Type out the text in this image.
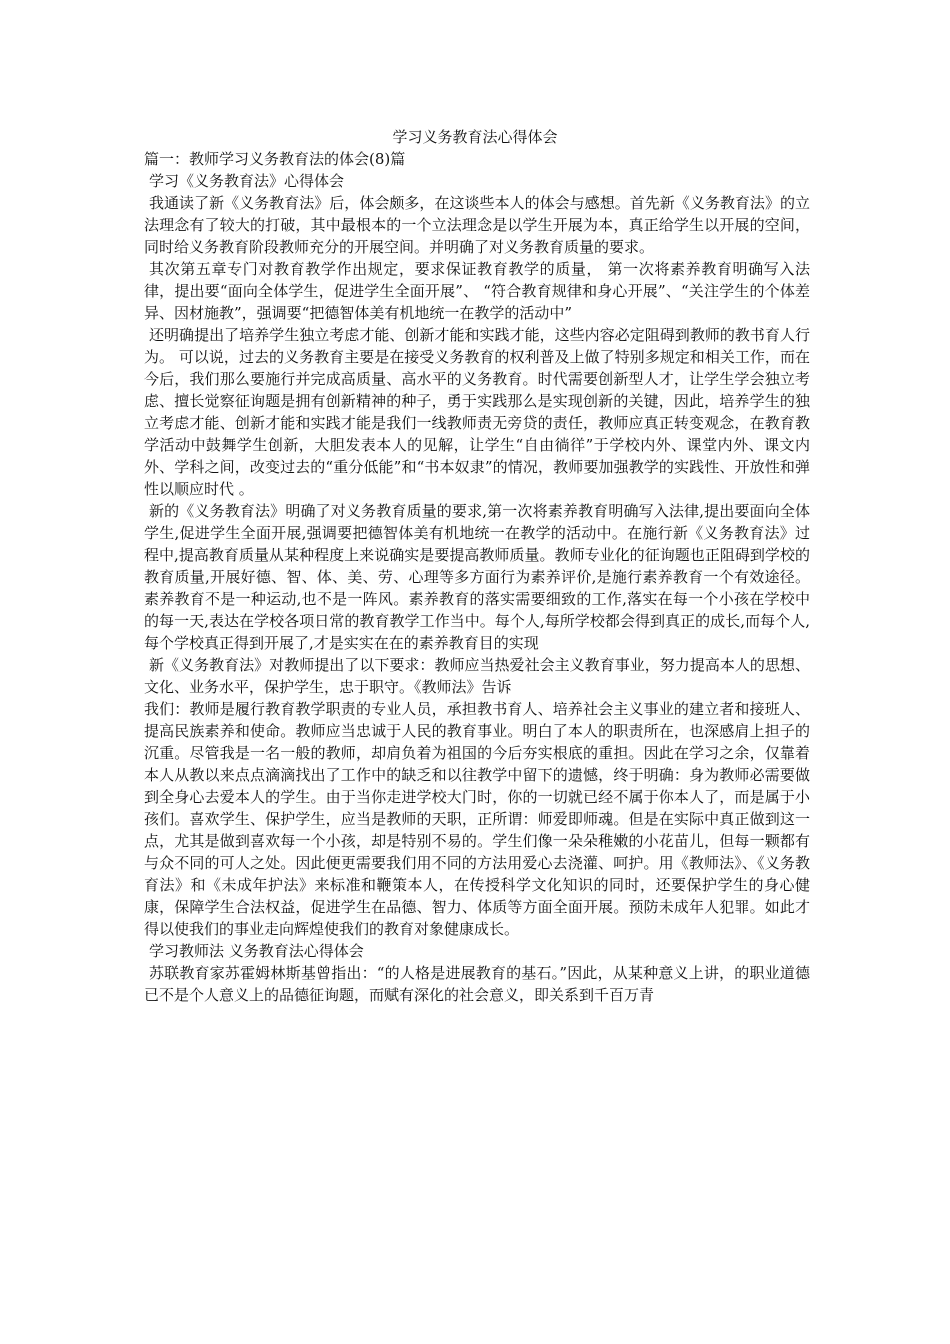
学习义务教育法心得体会

篇一：教师学习义务教育法的体会(8)篇

学习《义务教育法》心得体会

我通读了新《义务教育法》后，体会颇多，在这谈些本人的体会与感想。首先新《义务教育法》的立法理念有了较大的打破，其中最根本的一个立法理念是以学生开展为本，真正给学生以开展的空间，同时给义务教育阶段教师充分的开展空间。并明确了对义务教育质量的要求。

其次第五章专门对教育教学作出规定，要求保证教育教学的质量， 第一次将素养教育明确写入法律，提出要“面向全体学生，促进学生全面开展”、 “符合教育规律和身心开展”、“关注学生的个体差异、因材施教”，强调要“把德智体美有机地统一在教学的活动中”

还明确提出了培养学生独立考虑才能、创新才能和实践才能，这些内容必定阻碍到教师的教书育人行为。 可以说，过去的义务教育主要是在接受义务教育的权利普及上做了特别多规定和相关工作，而在今后，我们那么要施行并完成高质量、高水平的义务教育。时代需要创新型人才，让学生学会独立考虑、擅长觉察征询题是拥有创新精神的种子，勇于实践那么是实现创新的关键，因此，培养学生的独立考虑才能、创新才能和实践才能是我们一线教师责无旁贷的责任，教师应真正转变观念，在教育教学活动中鼓舞学生创新，大胆发表本人的见解，让学生“自由徜徉”于学校内外、课堂内外、课文内外、学科之间，改变过去的“重分低能”和“书本奴隶”的情况，教师要加强教学的实践性、开放性和弹性以顺应时代 。

新的《义务教育法》明确了对义务教育质量的要求,第一次将素养教育明确写入法律,提出要面向全体学生,促进学生全面开展,强调要把德智体美有机地统一在教学的活动中。在施行新《义务教育法》过程中,提高教育质量从某种程度上来说确实是要提高教师质量。教师专业化的征询题也正阻碍到学校的教育质量,开展好德、智、体、美、劳、心理等多方面行为素养评价,是施行素养教育一个有效途径。素养教育不是一种运动,也不是一阵风。素养教育的落实需要细致的工作,落实在每一个小孩在学校中的每一天,表达在学校各项日常的教育教学工作当中。每个人,每所学校都会得到真正的成长,而每个人,每个学校真正得到开展了,才是实实在在的素养教育目的实现

新《义务教育法》对教师提出了以下要求：教师应当热爱社会主义教育事业，努力提高本人的思想、文化、业务水平，保护学生，忠于职守。《教师法》告诉

我们：教师是履行教育教学职责的专业人员，承担教书育人、培养社会主义事业的建立者和接班人、提高民族素养和使命。教师应当忠诚于人民的教育事业。明白了本人的职责所在，也深感肩上担子的沉重。尽管我是一名一般的教师，却肩负着为祖国的今后夯实根底的重担。因此在学习之余，仅靠着本人从教以来点点滴滴找出了工作中的缺乏和以往教学中留下的遗憾，终于明确：身为教师必需要做到全身心去爱本人的学生。由于当你走进学校大门时，你的一切就已经不属于你本人了，而是属于小孩们。喜欢学生、保护学生，应当是教师的天职，正所谓：师爱即师魂。但是在实际中真正做到这一点，尤其是做到喜欢每一个小孩，却是特别不易的。学生们像一朵朵稚嫩的小花苗儿，但每一颗都有与众不同的可人之处。因此便更需要我们用不同的方法用爱心去浇灌、呵护。用《教师法》、《义务教育法》和《未成年护法》来标准和鞭策本人，在传授科学文化知识的同时，还要保护学生的身心健康，保障学生合法权益，促进学生在品德、智力、体质等方面全面开展。预防未成年人犯罪。如此才得以使我们的事业走向辉煌使我们的教育对象健康成长。

学习教师法 义务教育法心得体会

苏联教育家苏霍姆林斯基曾指出：“的人格是进展教育的基石。”因此，从某种意义上讲，的职业道德已不是个人意义上的品德征询题，而赋有深化的社会意义，即关系到千百万青
